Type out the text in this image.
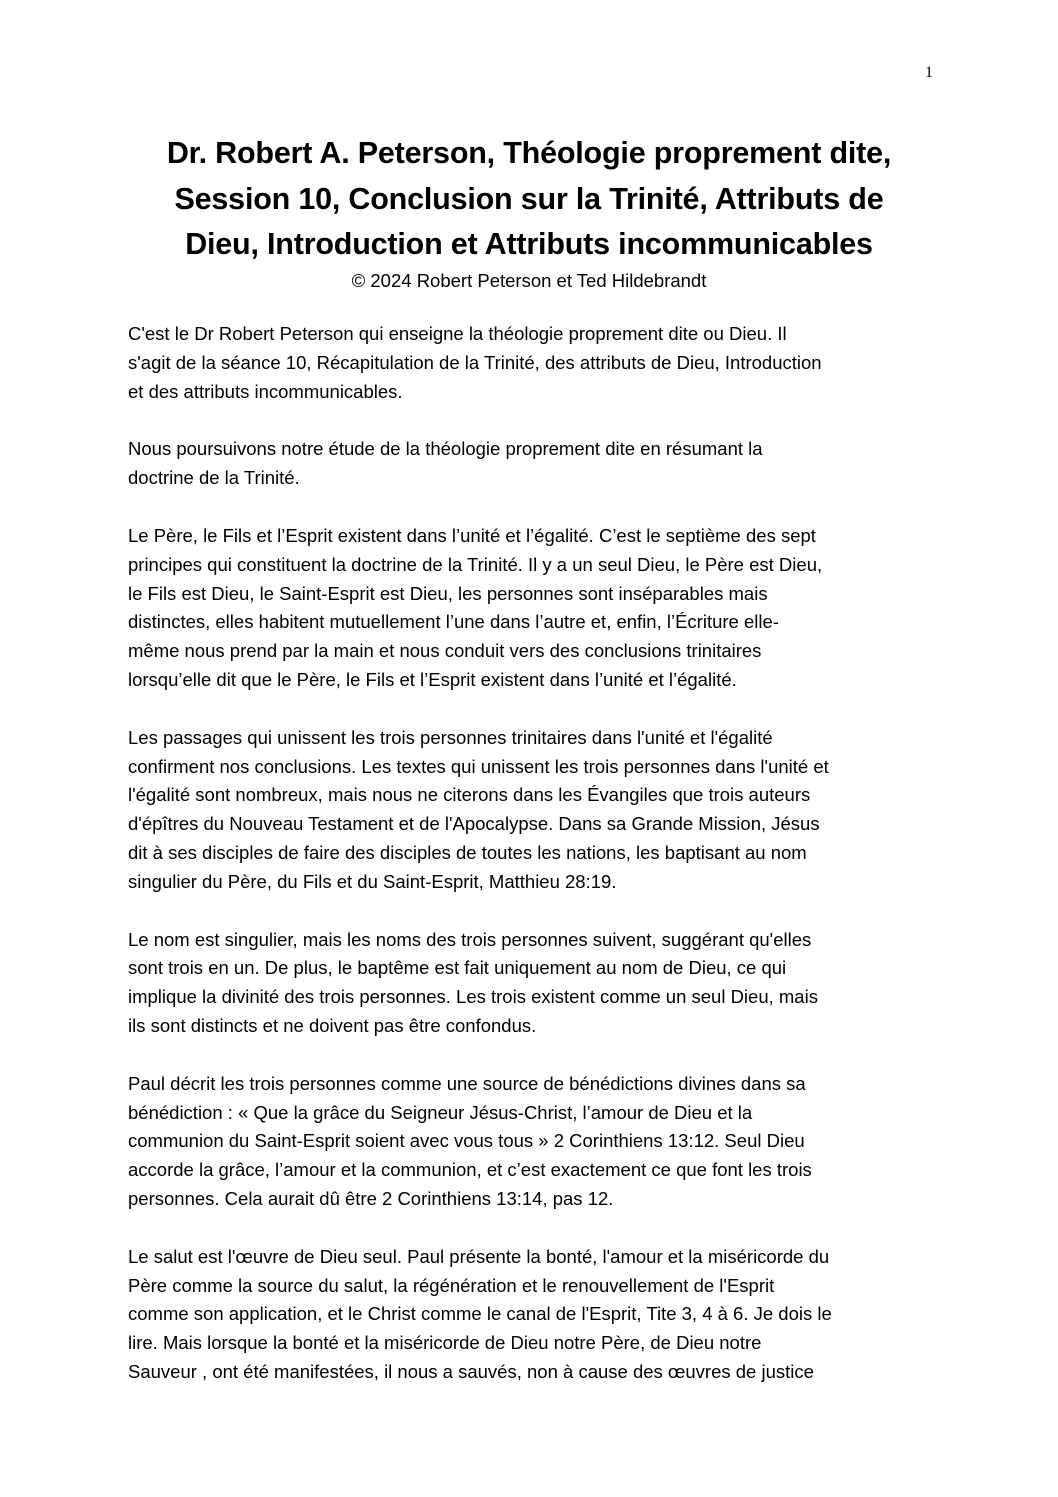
1
Dr. Robert A. Peterson, Théologie proprement dite,
Session 10, Conclusion sur la Trinité, Attributs de
Dieu, Introduction et Attributs incommunicables

© 2024 Robert Peterson et Ted Hildebrandt

C'est le Dr Robert Peterson qui enseigne la théologie proprement dite ou Dieu. Il
s'agit de la séance 10, Récapitulation de la Trinité, des attributs de Dieu, Introduction
et des attributs incommunicables.

Nous poursuivons notre étude de la théologie proprement dite en résumant la
doctrine de la Trinité.

Le Père, le Fils et l’Esprit existent dans l’unité et l’égalité. C’est le septième des sept
principes qui constituent la doctrine de la Trinité. Il y a un seul Dieu, le Père est Dieu,
le Fils est Dieu, le Saint-Esprit est Dieu, les personnes sont inséparables mais
distinctes, elles habitent mutuellement l’une dans l’autre et, enfin, l’Écriture elle-
même nous prend par la main et nous conduit vers des conclusions trinitaires
lorsqu’elle dit que le Père, le Fils et l’Esprit existent dans l’unité et l’égalité.

Les passages qui unissent les trois personnes trinitaires dans l'unité et l'égalité
confirment nos conclusions. Les textes qui unissent les trois personnes dans l'unité et
l'égalité sont nombreux, mais nous ne citerons dans les Évangiles que trois auteurs
d'épîtres du Nouveau Testament et de l'Apocalypse. Dans sa Grande Mission, Jésus
dit à ses disciples de faire des disciples de toutes les nations, les baptisant au nom
singulier du Père, du Fils et du Saint-Esprit, Matthieu 28:19.

Le nom est singulier, mais les noms des trois personnes suivent, suggérant qu'elles
sont trois en un. De plus, le baptême est fait uniquement au nom de Dieu, ce qui
implique la divinité des trois personnes. Les trois existent comme un seul Dieu, mais
ils sont distincts et ne doivent pas être confondus.

Paul décrit les trois personnes comme une source de bénédictions divines dans sa
bénédiction : « Que la grâce du Seigneur Jésus-Christ, l’amour de Dieu et la
communion du Saint-Esprit soient avec vous tous » 2 Corinthiens 13:12. Seul Dieu
accorde la grâce, l’amour et la communion, et c’est exactement ce que font les trois
personnes. Cela aurait dû être 2 Corinthiens 13:14, pas 12.

Le salut est l'œuvre de Dieu seul. Paul présente la bonté, l'amour et la miséricorde du
Père comme la source du salut, la régénération et le renouvellement de l'Esprit
comme son application, et le Christ comme le canal de l'Esprit, Tite 3, 4 à 6. Je dois le
lire. Mais lorsque la bonté et la miséricorde de Dieu notre Père, de Dieu notre
Sauveur , ont été manifestées, il nous a sauvés, non à cause des œuvres de justice
